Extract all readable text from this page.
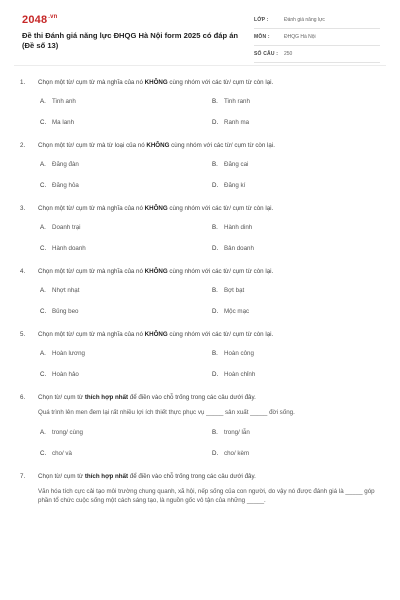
$2048^{.vn}$
Đề thi Đánh giá năng lực ĐHQG Hà Nội form 2025 có đáp án (Đề số 13)
LỚP :	Đánh giá năng lực
MÔN :	ĐHQG Hà Nội
SỐ CÂU : 250
1. Chọn một từ/ cụm từ mà nghĩa của nó KHÔNG cùng nhóm với các từ/ cụm từ còn lại.
A. Tinh anh	B. Tinh ranh
C. Ma lanh	D. Ranh ma
2. Chọn một từ/ cụm từ mà từ loại của nó KHÔNG cùng nhóm với các từ/ cụm từ còn lại.
A. Đăng đàn	B. Đăng cai
C. Đăng hỏa	D. Đăng kí
3. Chọn một từ/ cụm từ mà nghĩa của nó KHÔNG cùng nhóm với các từ/ cụm từ còn lại.
A. Doanh trại	B. Hành dinh
C. Hành doanh	D. Bản doanh
4. Chọn một từ/ cụm từ mà nghĩa của nó KHÔNG cùng nhóm với các từ/ cụm từ còn lại.
A. Nhợt nhạt	B. Bợt bạt
C. Bủng beo	D. Mộc mạc
5. Chọn một từ/ cụm từ mà nghĩa của nó KHÔNG cùng nhóm với các từ/ cụm từ còn lại.
A. Hoàn lương	B. Hoàn công
C. Hoàn hảo	D. Hoàn chỉnh
6. Chọn từ/ cụm từ thích hợp nhất để điền vào chỗ trống trong các câu dưới đây.
Quá trình lên men đem lại rất nhiều lợi ích thiết thực phục vụ _____ sản xuất _____ đời sống.
A. trong/ cùng	B. trong/ lẫn
C. cho/ và	D. cho/ kèm
7. Chọn từ/ cụm từ thích hợp nhất để điền vào chỗ trống trong các câu dưới đây.
Văn hóa tích cực cải tạo môi trường chung quanh, xã hội, nếp sống của con người, do vậy nó được đánh giá là _____ góp phần tổ chức cuộc sống một cách sáng tạo, là nguồn gốc vô tận của những _____.
